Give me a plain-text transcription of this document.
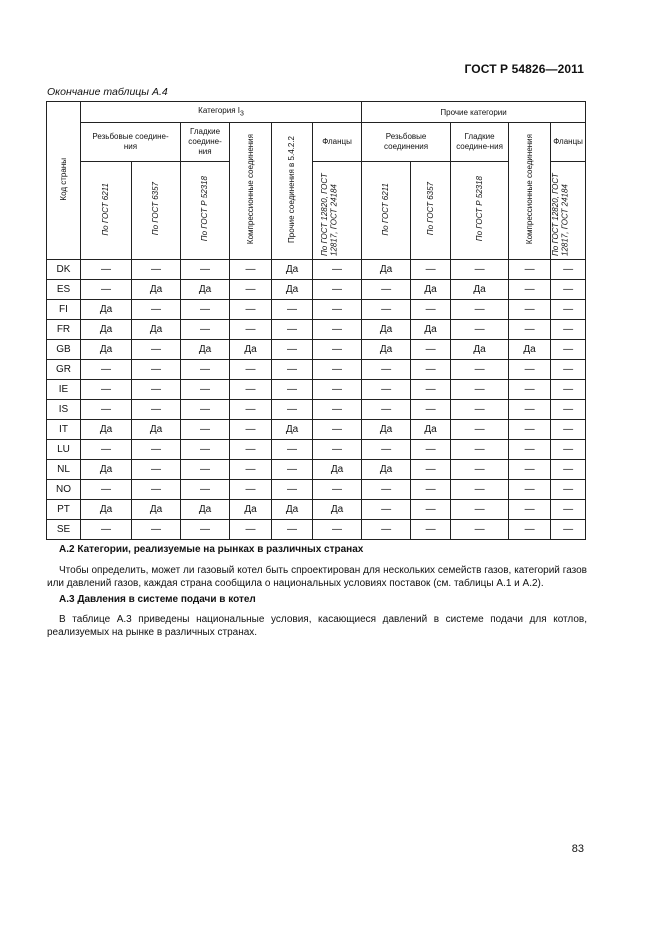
ГОСТ Р 54826—2011
Окончание таблицы А.4
Код страны	Категория $I_3$						Прочие категории				

	Резьбовые соедине-ния		Гладкие соедине-ния	Компрессионные соединения	Прочие соединения в 5.4.2.2	Фланцы	Резьбовые соединения		Гладкие соедине-ния	Компрессионные соединения	Фланцы
	По ГОСТ 6211	По ГОСТ 6357	По ГОСТ Р 52318			По ГОСТ 12820, ГОСТ 12817, ГОСТ 24184	По ГОСТ 6211	По ГОСТ 6357	По ГОСТ Р 52318		По ГОСТ 12820, ГОСТ 12817, ГОСТ 24184
DK	—	—	—	—	Да	—	Да	—	—	—	—
ES	—	Да	Да	—	Да	—	—	Да	Да	—	—
FI	Да	—	—	—	—	—	—	—	—	—	—
FR	Да	Да	—	—	—	—	Да	Да	—	—	—
GB	Да	—	Да	Да	—	—	Да	—	Да	Да	—
GR	—	—	—	—	—	—	—	—	—	—	—
IE	—	—	—	—	—	—	—	—	—	—	—
IS	—	—	—	—	—	—	—	—	—	—	—
IT	Да	Да	—	—	Да	—	Да	Да	—	—	—
LU	—	—	—	—	—	—	—	—	—	—	—
NL	Да	—	—	—	—	Да	Да	—	—	—	—
NO	—	—	—	—	—	—	—	—	—	—	—
PT	Да	Да	Да	Да	Да	Да	—	—	—	—	—
SE	—	—	—	—	—	—	—	—	—	—	—
А.2 Категории, реализуемые на рынках в различных странах

Чтобы определить, может ли газовый котел быть спроектирован для нескольких семейств газов, категорий газов или давлений газов, каждая страна сообщила о национальных условиях поставок (см. таблицы А.1 и А.2).

А.3 Давления в системе подачи в котел

В таблице А.3 приведены национальные условия, касающиеся давлений в системе подачи для котлов, реализуемых на рынке в различных странах.

83
